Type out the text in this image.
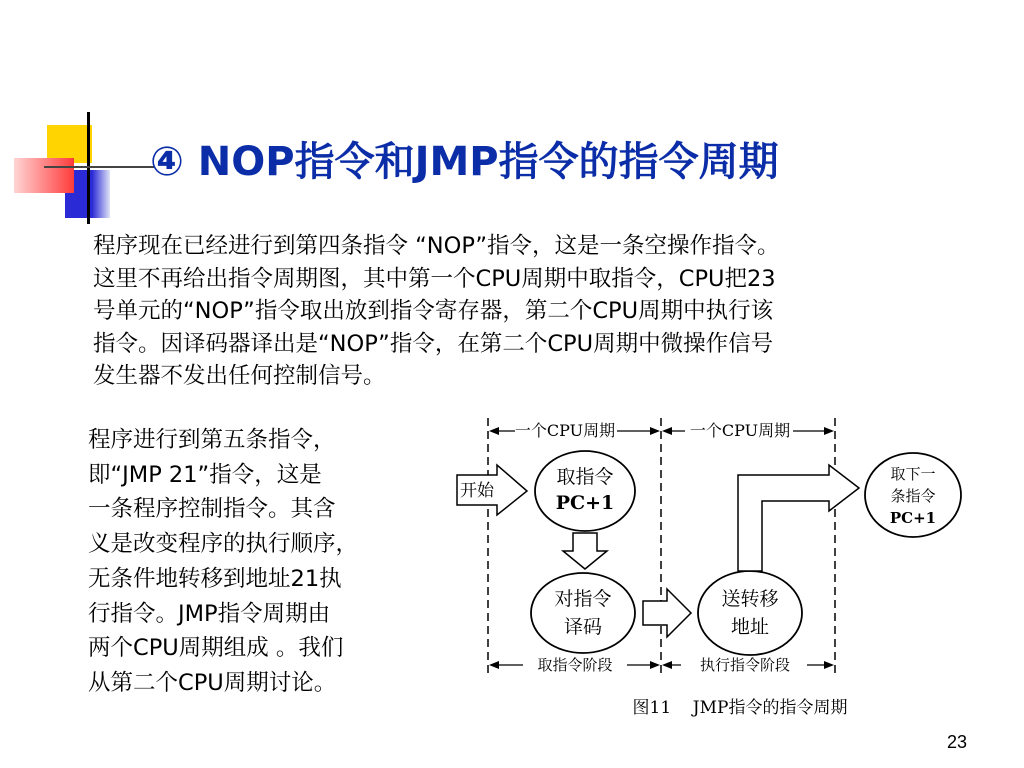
④ NOP指令和JMP指令的指令周期
程序现在已经进行到第四条指令 “NOP”指令，这是一条空操作指令。
这里不再给出指令周期图，其中第一个CPU周期中取指令，CPU把23
号单元的“NOP”指令取出放到指令寄存器，第二个CPU周期中执行该
指令。因译码器译出是“NOP”指令，在第二个CPU周期中微操作信号
发生器不发出任何控制信号。
程序进行到第五条指令，
即“JMP 21”指令，这是
一条程序控制指令。其含
义是改变程序的执行顺序，
无条件地转移到地址21执
行指令。JMP指令周期由
两个CPU周期组成 。我们
从第二个CPU周期讨论。
一个CPU周期	一个CPU周期
开始
取指令
PC+1
对指令
译码
送转移
地址
取下一
条指令
PC+1
取指令阶段	执行指令阶段
图11    JMP指令的指令周期
23
